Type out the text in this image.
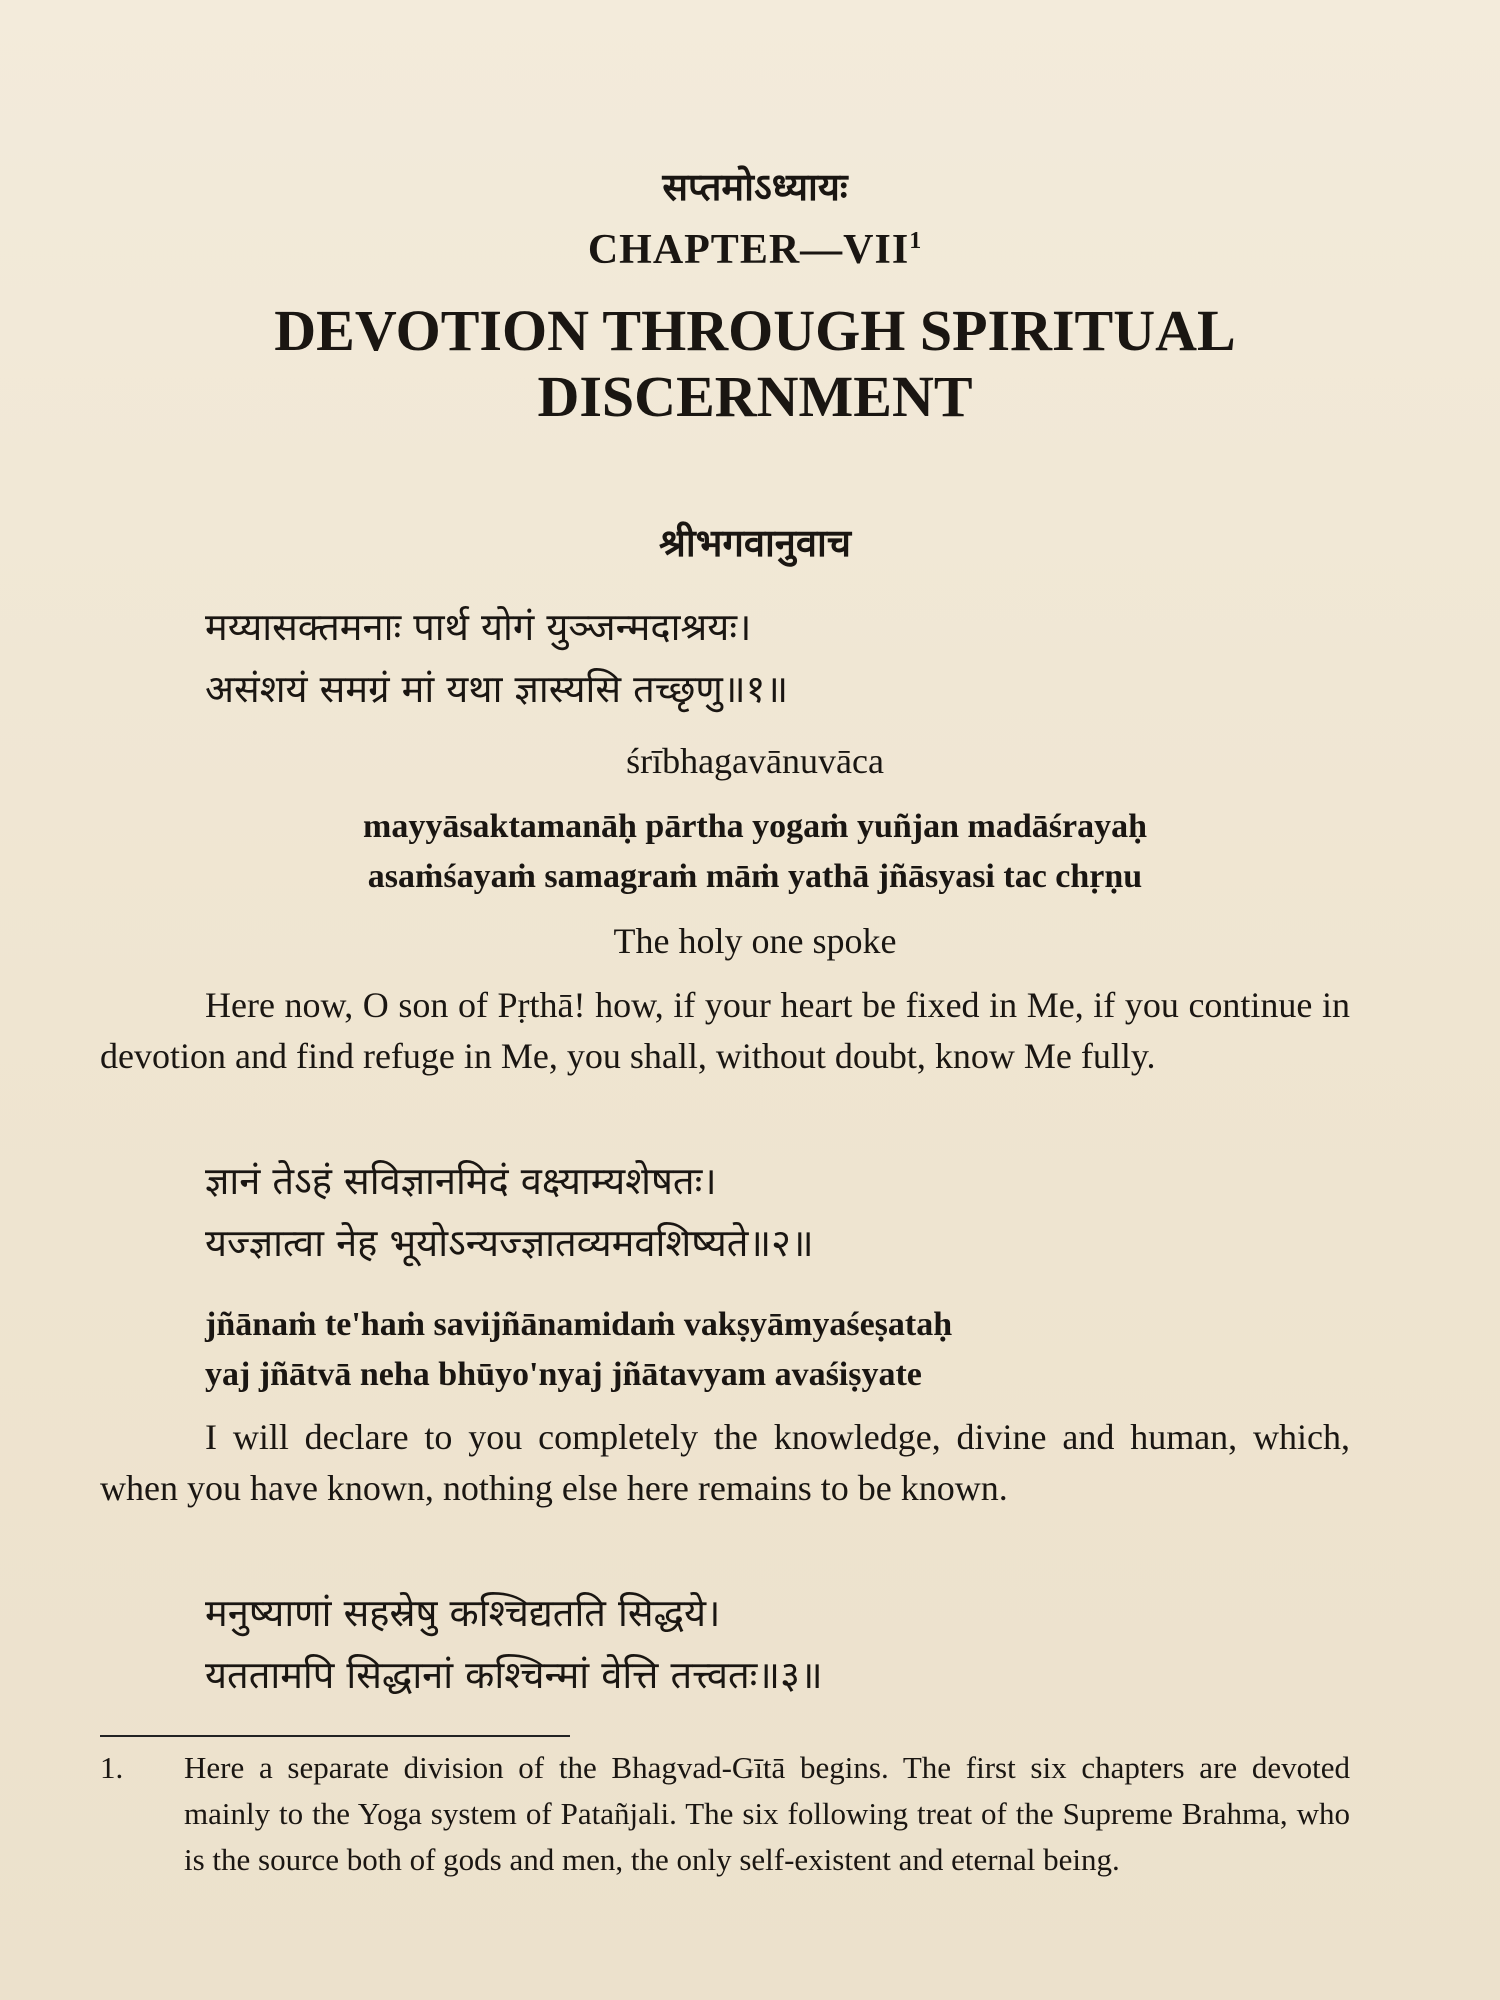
सप्तमोऽध्यायः
CHAPTER—VII$^1$
DEVOTION THROUGH SPIRITUAL
DISCERNMENT
श्रीभगवानुवाच
मय्यासक्तमनाः पार्थ योगं युञ्जन्मदाश्रयः।
असंशयं समग्रं मां यथा ज्ञास्यसि तच्छृणु॥१॥
śrībhagavānuvāca
mayyāsaktamanāḥ pārtha yogaṁ yuñjan madāśrayaḥ
asaṁśayaṁ samagraṁ māṁ yathā jñāsyasi tac chṛṇu
The holy one spoke
Here now, O son of Pṛthā! how, if your heart be fixed in Me, if you continue in devotion and find refuge in Me, you shall, without doubt, know Me fully.
ज्ञानं तेऽहं सविज्ञानमिदं वक्ष्याम्यशेषतः।
यज्ज्ञात्वा नेह भूयोऽन्यज्ज्ञातव्यमवशिष्यते॥२॥
jñānaṁ te'haṁ savijñānamidaṁ vakṣyāmyaśeṣataḥ
yaj jñātvā neha bhūyo'nyaj jñātavyam avaśiṣyate
I will declare to you completely the knowledge, divine and human, which, when you have known, nothing else here remains to be known.
मनुष्याणां सहस्रेषु कश्चिद्यतति सिद्धये।
यततामपि सिद्धानां कश्चिन्मां वेत्ति तत्त्वतः॥३॥
1.	Here a separate division of the Bhagvad-Gītā begins. The first six chapters are devoted mainly to the Yoga system of Patañjali. The six following treat of the Supreme Brahma, who is the source both of gods and men, the only self-existent and eternal being.
